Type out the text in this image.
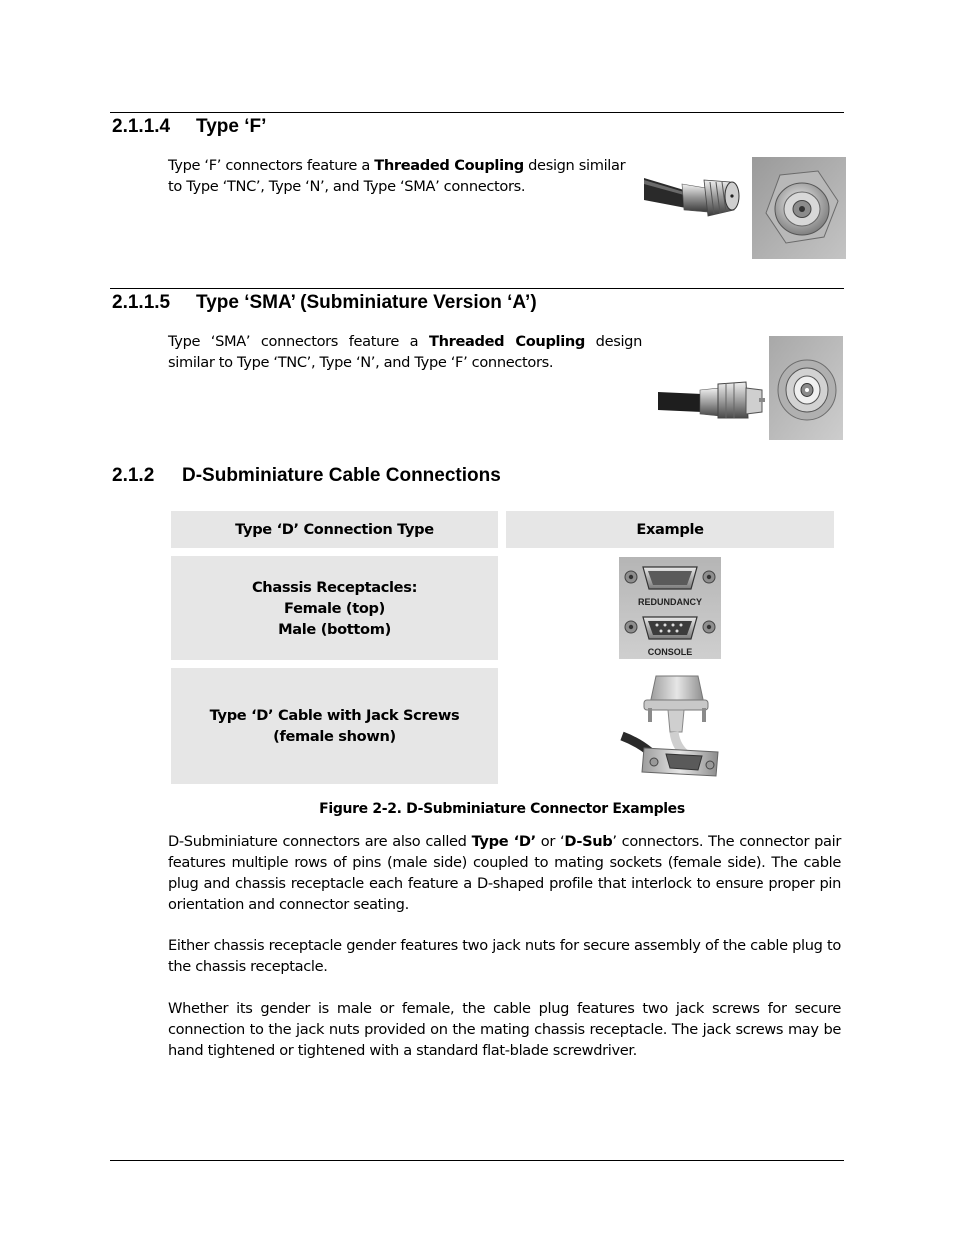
2.1.1.4 Type ‘F’
Type ‘F’ connectors feature a Threaded Coupling design similar to Type ‘TNC’, Type ‘N’, and Type ‘SMA’ connectors.
2.1.1.5 Type ‘SMA’ (Subminiature Version ‘A’)
Type ‘SMA’ connectors feature a Threaded Coupling design similar to Type ‘TNC’, Type ‘N’, and Type ‘F’ connectors.
2.1.2 D-Subminiature Cable Connections
Type ‘D’ Connection Type	Example
Chassis Receptacles:
Female (top)
Male (bottom)
REDUNDANCY
CONSOLE
Type ‘D’ Cable with Jack Screws
(female shown)
Figure 2-2. D-Subminiature Connector Examples
D-Subminiature connectors are also called Type ‘D’ or ‘D-Sub’ connectors. The connector pair features multiple rows of pins (male side) coupled to mating sockets (female side). The cable plug and chassis receptacle each feature a D-shaped profile that interlock to ensure proper pin orientation and connector seating.
Either chassis receptacle gender features two jack nuts for secure assembly of the cable plug to the chassis receptacle.
Whether its gender is male or female, the cable plug features two jack screws for secure connection to the jack nuts provided on the mating chassis receptacle. The jack screws may be hand tightened or tightened with a standard flat-blade screwdriver.
